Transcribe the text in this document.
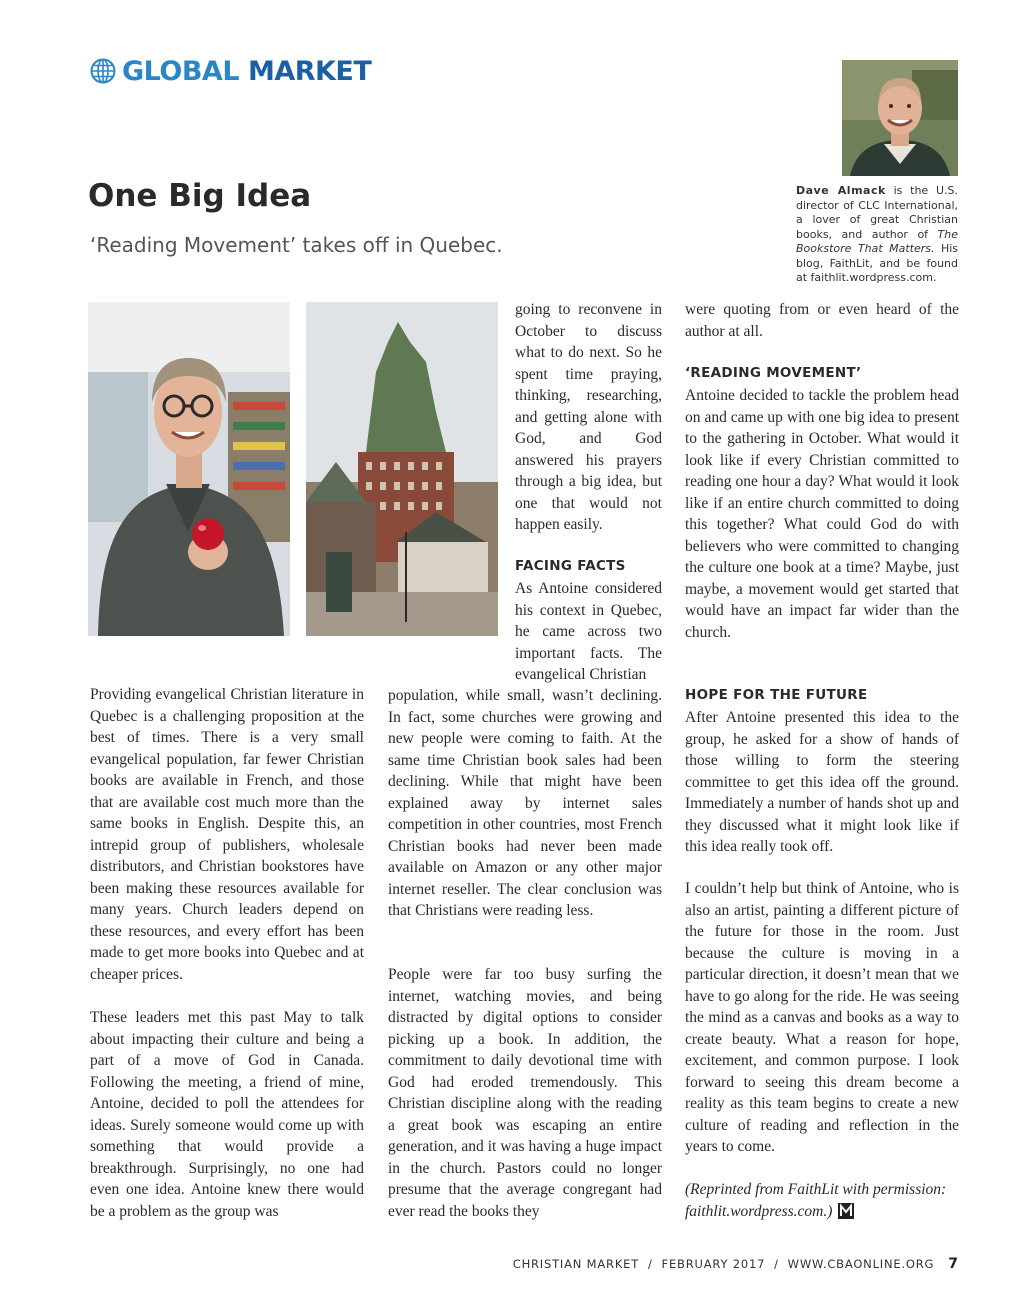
GLOBAL MARKET
One Big Idea

‘Reading Movement’ takes off in Quebec.

Dave Almack is the U.S. director of CLC International, a lover of great Christian books, and author of The Bookstore That Matters. His blog, FaithLit, and be found at faithlit.wordpress.com.

Providing evangelical Christian literature in Quebec is a challenging proposition at the best of times. There is a very small evangelical population, far fewer Christian books are available in French, and those that are available cost much more than the same books in English. Despite this, an intrepid group of publishers, wholesale distributors, and Christian bookstores have been making these resources available for many years. Church leaders depend on these resources, and every effort has been made to get more books into Quebec and at cheaper prices.

These leaders met this past May to talk about impacting their culture and being a part of a move of God in Canada. Following the meeting, a friend of mine, Antoine, decided to poll the attendees for ideas. Surely someone would come up with something that would provide a breakthrough. Surprisingly, no one had even one idea. Antoine knew there would be a problem as the group was

going to reconvene in October to discuss what to do next. So he spent time praying, thinking, researching, and getting alone with God, and God answered his prayers through a big idea, but one that would not happen easily.

FACING FACTS

As Antoine considered his context in Quebec, he came across two important facts. The evangelical Christian

population, while small, wasn’t declining. In fact, some churches were growing and new people were coming to faith. At the same time Christian book sales had been declining. While that might have been explained away by internet sales competition in other countries, most French Christian books had never been made available on Amazon or any other major internet reseller. The clear conclusion was that Christians were reading less.

People were far too busy surfing the internet, watching movies, and being distracted by digital options to consider picking up a book. In addition, the commitment to daily devotional time with God had eroded tremendously. This Christian discipline along with the reading a great book was escaping an entire generation, and it was having a huge impact in the church. Pastors could no longer presume that the average congregant had ever read the books they

were quoting from or even heard of the author at all.

‘READING MOVEMENT’

Antoine decided to tackle the problem head on and came up with one big idea to present to the gathering in October. What would it look like if every Christian committed to reading one hour a day? What would it look like if an entire church committed to doing this together? What could God do with believers who were committed to changing the culture one book at a time? Maybe, just maybe, a movement would get started that would have an impact far wider than the church.

HOPE FOR THE FUTURE

After Antoine presented this idea to the group, he asked for a show of hands of those willing to form the steering committee to get this idea off the ground. Immediately a number of hands shot up and they discussed what it might look like if this idea really took off.

I couldn’t help but think of Antoine, who is also an artist, painting a different picture of the future for those in the room. Just because the culture is moving in a particular direction, it doesn’t mean that we have to go along for the ride. He was seeing the mind as a canvas and books as a way to create beauty. What a reason for hope, excitement, and common purpose. I look forward to seeing this dream become a reality as this team begins to create a new culture of reading and reflection in the years to come.

(Reprinted from FaithLit with permission: faithlit.wordpress.com.)

CHRISTIAN MARKET  /  FEBRUARY 2017  /  WWW.CBAONLINE.ORG 7
